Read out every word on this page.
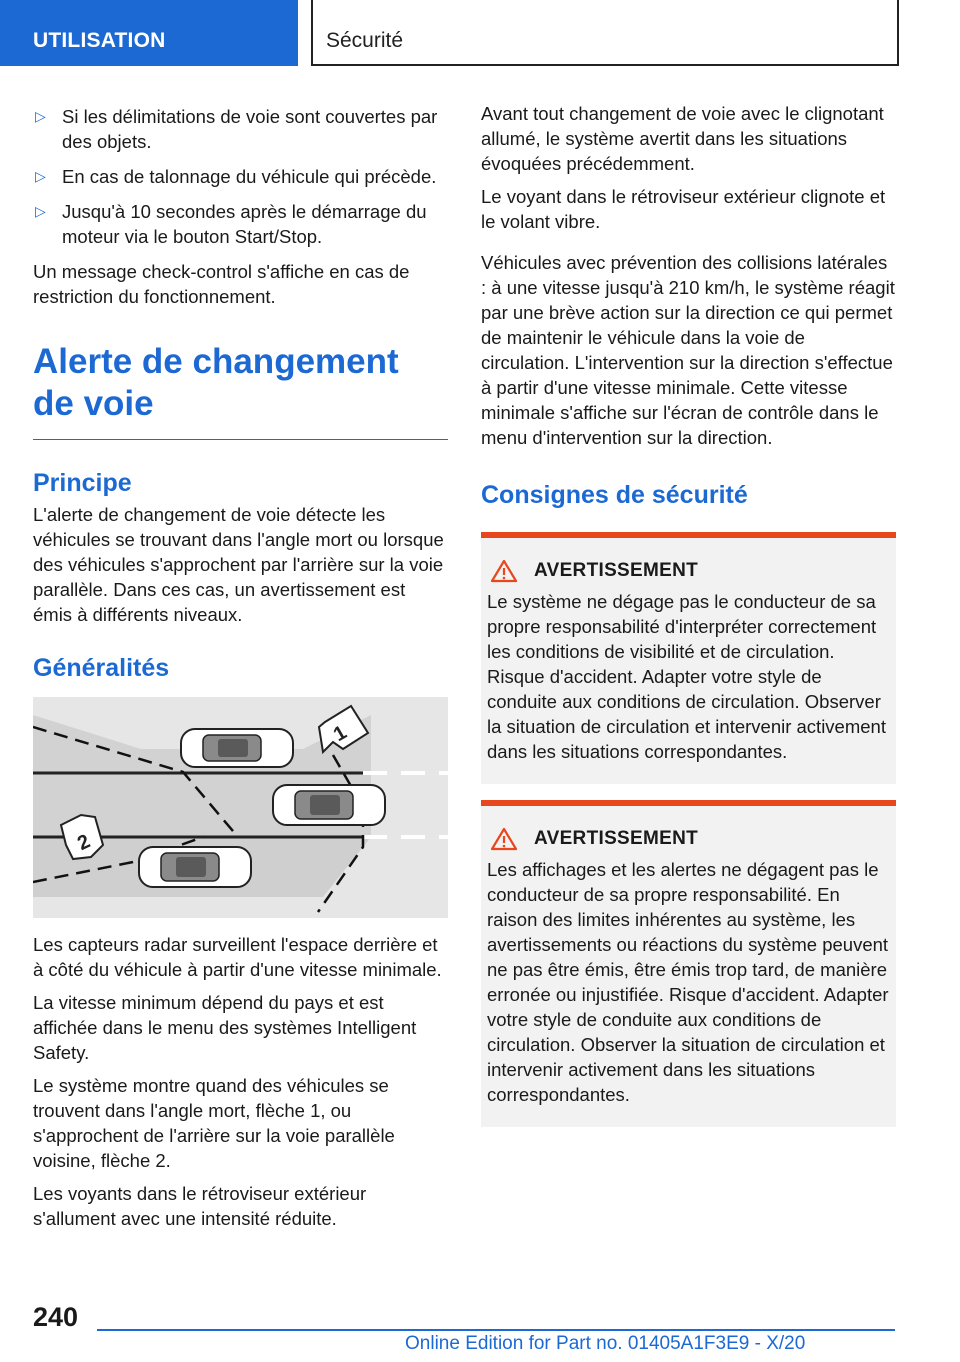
UTILISATION	Sécurité
▷ Si les délimitations de voie sont couvertes par des objets.
▷ En cas de talonnage du véhicule qui précède.
▷ Jusqu'à 10 secondes après le démarrage du moteur via le bouton Start/Stop.

Un message check-control s'affiche en cas de restriction du fonctionnement.

Alerte de changement de voie
Principe

L'alerte de changement de voie détecte les véhicules se trouvant dans l'angle mort ou lorsque des véhicules s'approchent par l'arrière sur la voie parallèle. Dans ces cas, un avertissement est émis à différents niveaux.

Généralités
1
2

Les capteurs radar surveillent l'espace derrière et à côté du véhicule à partir d'une vitesse minimale.

La vitesse minimum dépend du pays et est affichée dans le menu des systèmes Intelligent Safety.

Le système montre quand des véhicules se trouvent dans l'angle mort, flèche 1, ou s'approchent de l'arrière sur la voie parallèle voisine, flèche 2.

Les voyants dans le rétroviseur extérieur s'allument avec une intensité réduite.

Avant tout changement de voie avec le clignotant allumé, le système avertit dans les situations évoquées précédemment.

Le voyant dans le rétroviseur extérieur clignote et le volant vibre.

Véhicules avec prévention des collisions latérales : à une vitesse jusqu'à 210 km/h, le système réagit par une brève action sur la direction ce qui permet de maintenir le véhicule dans la voie de circulation. L'intervention sur la direction s'effectue à partir d'une vitesse minimale. Cette vitesse minimale s'affiche sur l'écran de contrôle dans le menu d'intervention sur la direction.

Consignes de sécurité
AVERTISSEMENT

Le système ne dégage pas le conducteur de sa propre responsabilité d'interpréter correctement les conditions de visibilité et de circulation. Risque d'accident. Adapter votre style de conduite aux conditions de circulation. Observer la situation de circulation et intervenir activement dans les situations correspondantes.

AVERTISSEMENT

Les affichages et les alertes ne dégagent pas le conducteur de sa propre responsabilité. En raison des limites inhérentes au système, les avertissements ou réactions du système peuvent ne pas être émis, être émis trop tard, de manière erronée ou injustifiée. Risque d'accident. Adapter votre style de conduite aux conditions de circulation. Observer la situation de circulation et intervenir activement dans les situations correspondantes.

240
Online Edition for Part no. 01405A1F3E9 - X/20
